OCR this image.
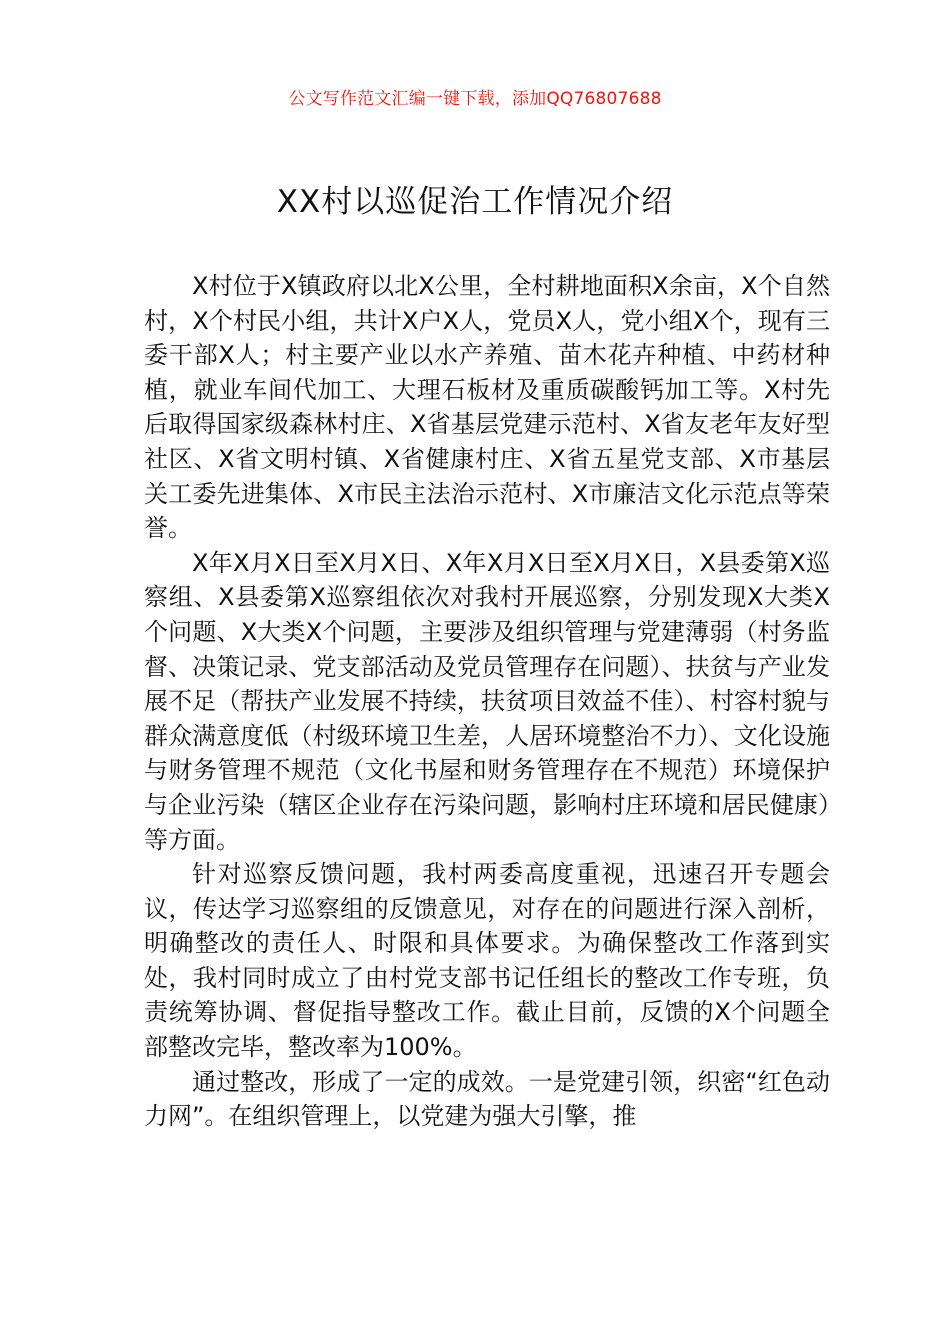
公文写作范文汇编一键下载，添加QQ76807688
XX村以巡促治工作情况介绍

X村位于X镇政府以北X公里，全村耕地面积X余亩，X个自然村，X个村民小组，共计X户X人，党员X人，党小组X个，现有三委干部X人；村主要产业以水产养殖、苗木花卉种植、中药材种植，就业车间代加工、大理石板材及重质碳酸钙加工等。X村先后取得国家级森林村庄、X省基层党建示范村、X省友老年友好型社区、X省文明村镇、X省健康村庄、X省五星党支部、X市基层关工委先进集体、X市民主法治示范村、X市廉洁文化示范点等荣誉。

X年X月X日至X月X日、X年X月X日至X月X日，X县委第X巡察组、X县委第X巡察组依次对我村开展巡察，分别发现X大类X个问题、X大类X个问题，主要涉及组织管理与党建薄弱（村务监督、决策记录、党支部活动及党员管理存在问题）、扶贫与产业发展不足（帮扶产业发展不持续，扶贫项目效益不佳）、村容村貌与群众满意度低（村级环境卫生差，人居环境整治不力）、文化设施与财务管理不规范（文化书屋和财务管理存在不规范）环境保护与企业污染（辖区企业存在污染问题，影响村庄环境和居民健康）等方面。

针对巡察反馈问题，我村两委高度重视，迅速召开专题会议，传达学习巡察组的反馈意见，对存在的问题进行深入剖析，明确整改的责任人、时限和具体要求。为确保整改工作落到实处，我村同时成立了由村党支部书记任组长的整改工作专班，负责统筹协调、督促指导整改工作。截止目前，反馈的X个问题全部整改完毕，整改率为100%。

通过整改，形成了一定的成效。一是党建引领，织密“红色动力网”。在组织管理上，以党建为强大引擎，推
